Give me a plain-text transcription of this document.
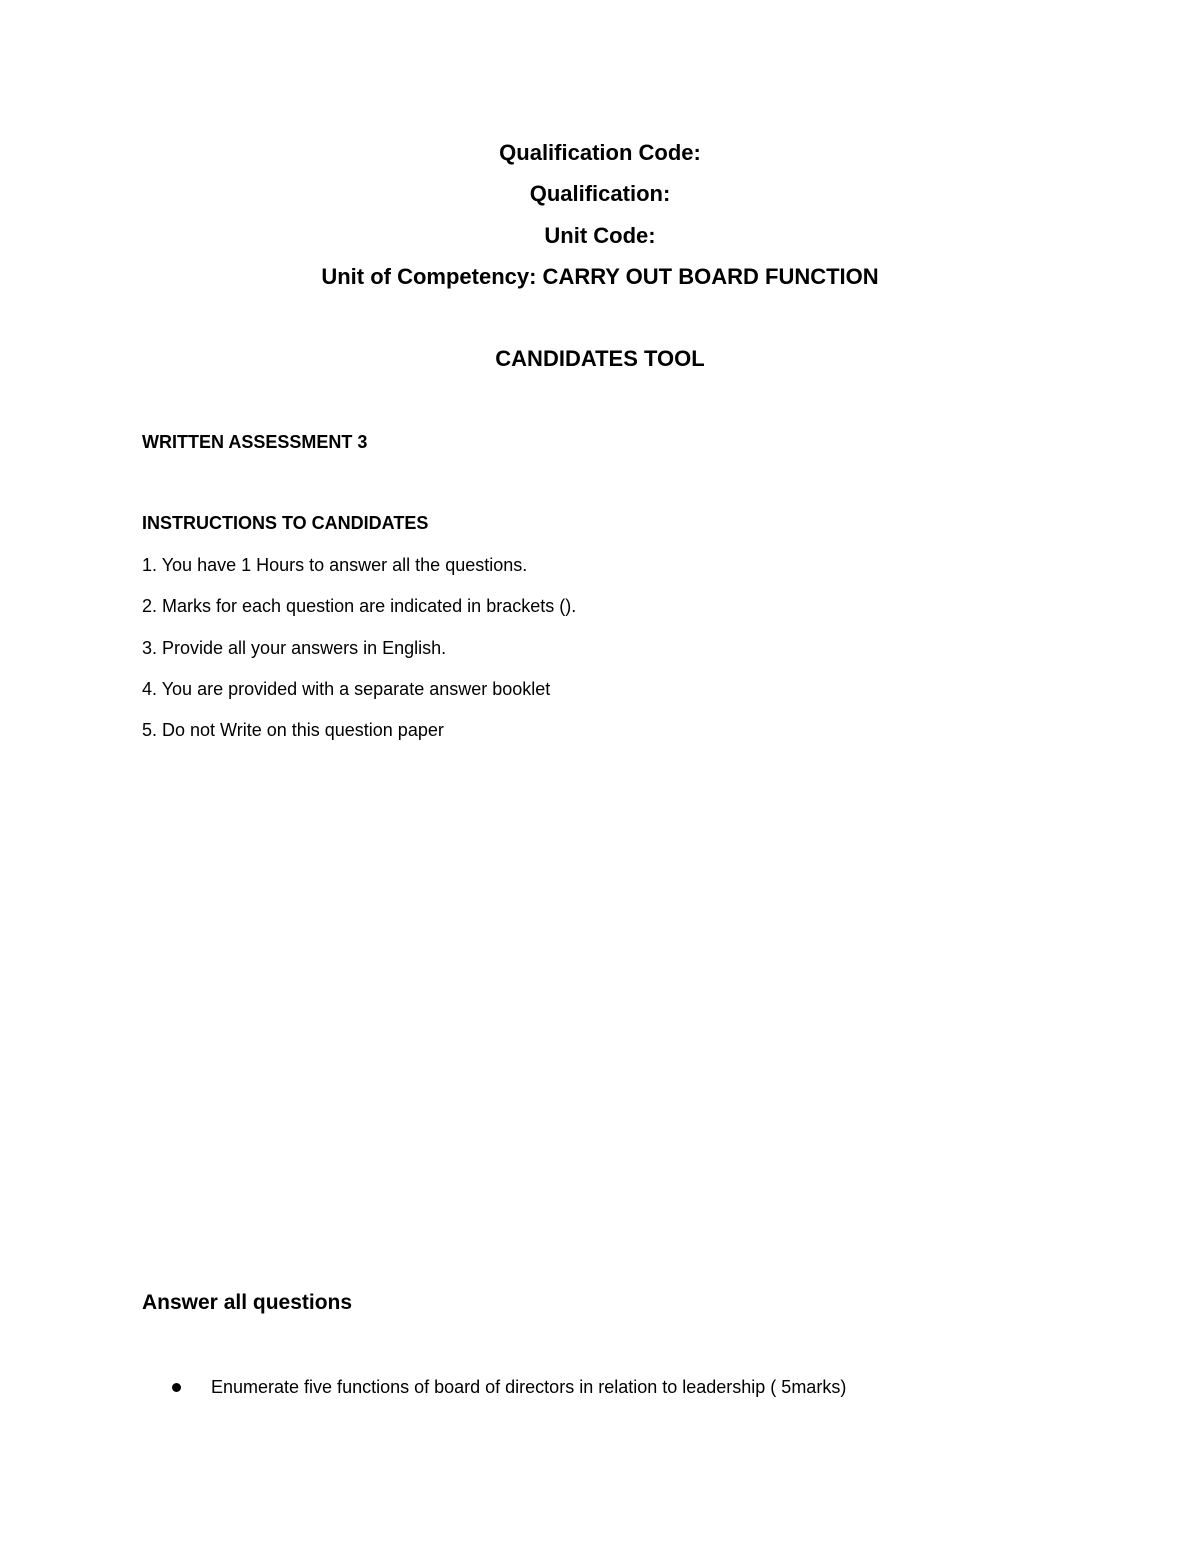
Qualification Code:
Qualification:
Unit Code:
Unit of Competency: CARRY OUT BOARD FUNCTION
CANDIDATES TOOL
WRITTEN ASSESSMENT 3
INSTRUCTIONS TO CANDIDATES
1. You have 1 Hours to answer all the questions.
2. Marks for each question are indicated in brackets ().
3. Provide all your answers in English.
4. You are provided with a separate answer booklet
5. Do not Write on this question paper
Answer all questions
Enumerate five functions of board of directors in relation to leadership ( 5marks)
